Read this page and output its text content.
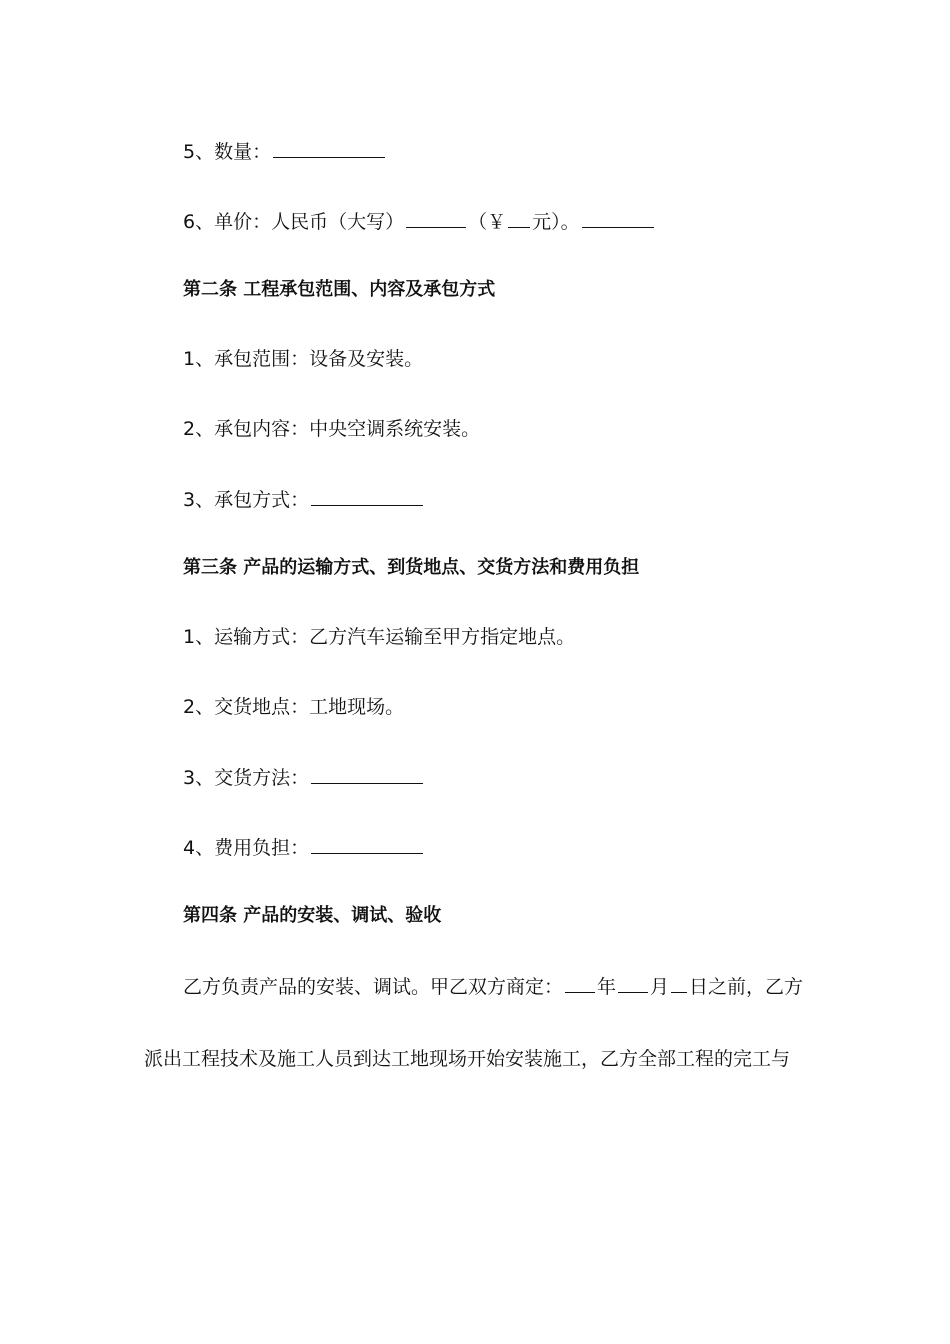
5、数量：

6、单价：人民币（大写）	（￥ 元）。

第二条 工程承包范围、内容及承包方式

1、承包范围：设备及安装。

2、承包内容：中央空调系统安装。

3、承包方式：

第三条 产品的运输方式、到货地点、交货方法和费用负担

1、运输方式：乙方汽车运输至甲方指定地点。

2、交货地点：工地现场。

3、交货方法：

4、费用负担：

第四条 产品的安装、调试、验收

乙方负责产品的安装、调试。甲乙双方商定： 年 月 日之前，乙方

派出工程技术及施工人员到达工地现场开始安装施工，乙方全部工程的完工与
